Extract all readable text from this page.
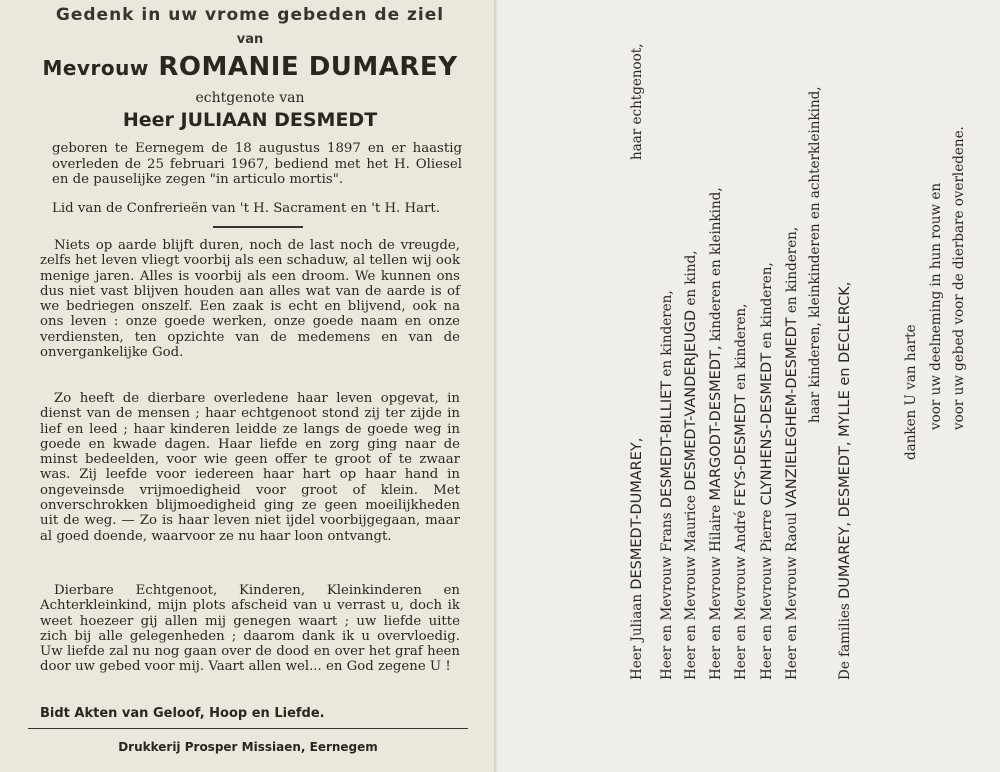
Gedenk in uw vrome gebeden de ziel
van
Mevrouw ROMANIE DUMAREY
echtgenote van
Heer JULIAAN DESMEDT
geboren te Eernegem de 18 augustus 1897 en er haastig overleden de 25 februari 1967, bediend met het H. Oliesel en de pauselijke zegen "in articulo mortis".
Lid van de Confrerieën van 't H. Sacrament en 't H. Hart.
Niets op aarde blijft duren, noch de last noch de vreugde, zelfs het leven vliegt voorbij als een schaduw, al tellen wij ook menige jaren. Alles is voorbij als een droom. We kunnen ons dus niet vast blijven houden aan alles wat van de aarde is of we bedriegen onszelf. Een zaak is echt en blijvend, ook na ons leven : onze goede werken, onze goede naam en onze verdiensten, ten opzichte van de medemens en van de onvergankelijke God.
Zo heeft de dierbare overledene haar leven opgevat, in dienst van de mensen ; haar echtgenoot stond zij ter zijde in lief en leed ; haar kinderen leidde ze langs de goede weg in goede en kwade dagen. Haar liefde en zorg ging naar de minst bedeelden, voor wie geen offer te groot of te zwaar was. Zij leefde voor iedereen haar hart op haar hand in ongeveinsde vrijmoedigheid voor groot of klein. Met onverschrokken blijmoedigheid ging ze geen moeilijkheden uit de weg. — Zo is haar leven niet ijdel voorbijgegaan, maar al goed doende, waarvoor ze nu haar loon ontvangt.
Dierbare Echtgenoot, Kinderen, Kleinkinderen en Achterkleinkind, mijn plots afscheid van u verrast u, doch ik weet hoezeer gij allen mij genegen waart ; uw liefde uitte zich bij alle gelegenheden ; daarom dank ik u overvloedig. Uw liefde zal nu nog gaan over de dood en over het graf heen door uw gebed voor mij. Vaart allen wel... en God zegene U !
Bidt Akten van Geloof, Hoop en Liefde.
Drukkerij Prosper Missiaen, Eernegem
Heer Juliaan DESMEDT-DUMAREY,
haar echtgenoot,
Heer en Mevrouw Frans DESMEDT-BILLIET en kinderen,
Heer en Mevrouw Maurice DESMEDT-VANDERJEUGD en kind,
Heer en Mevrouw Hilaire MARGODT-DESMEDT, kinderen en kleinkind,
Heer en Mevrouw André FEYS-DESMEDT en kinderen,
Heer en Mevrouw Pierre CLYNHENS-DESMEDT en kinderen,
Heer en Mevrouw Raoul VANZIELEGHEM-DESMEDT en kinderen, haar kinderen, kleinkinderen en achterkleinkind,
De families DUMAREY, DESMEDT, MYLLE en DECLERCK,	danken U van harte voor uw deelneming in hun rouw en voor uw gebed voor de dierbare overledene.
